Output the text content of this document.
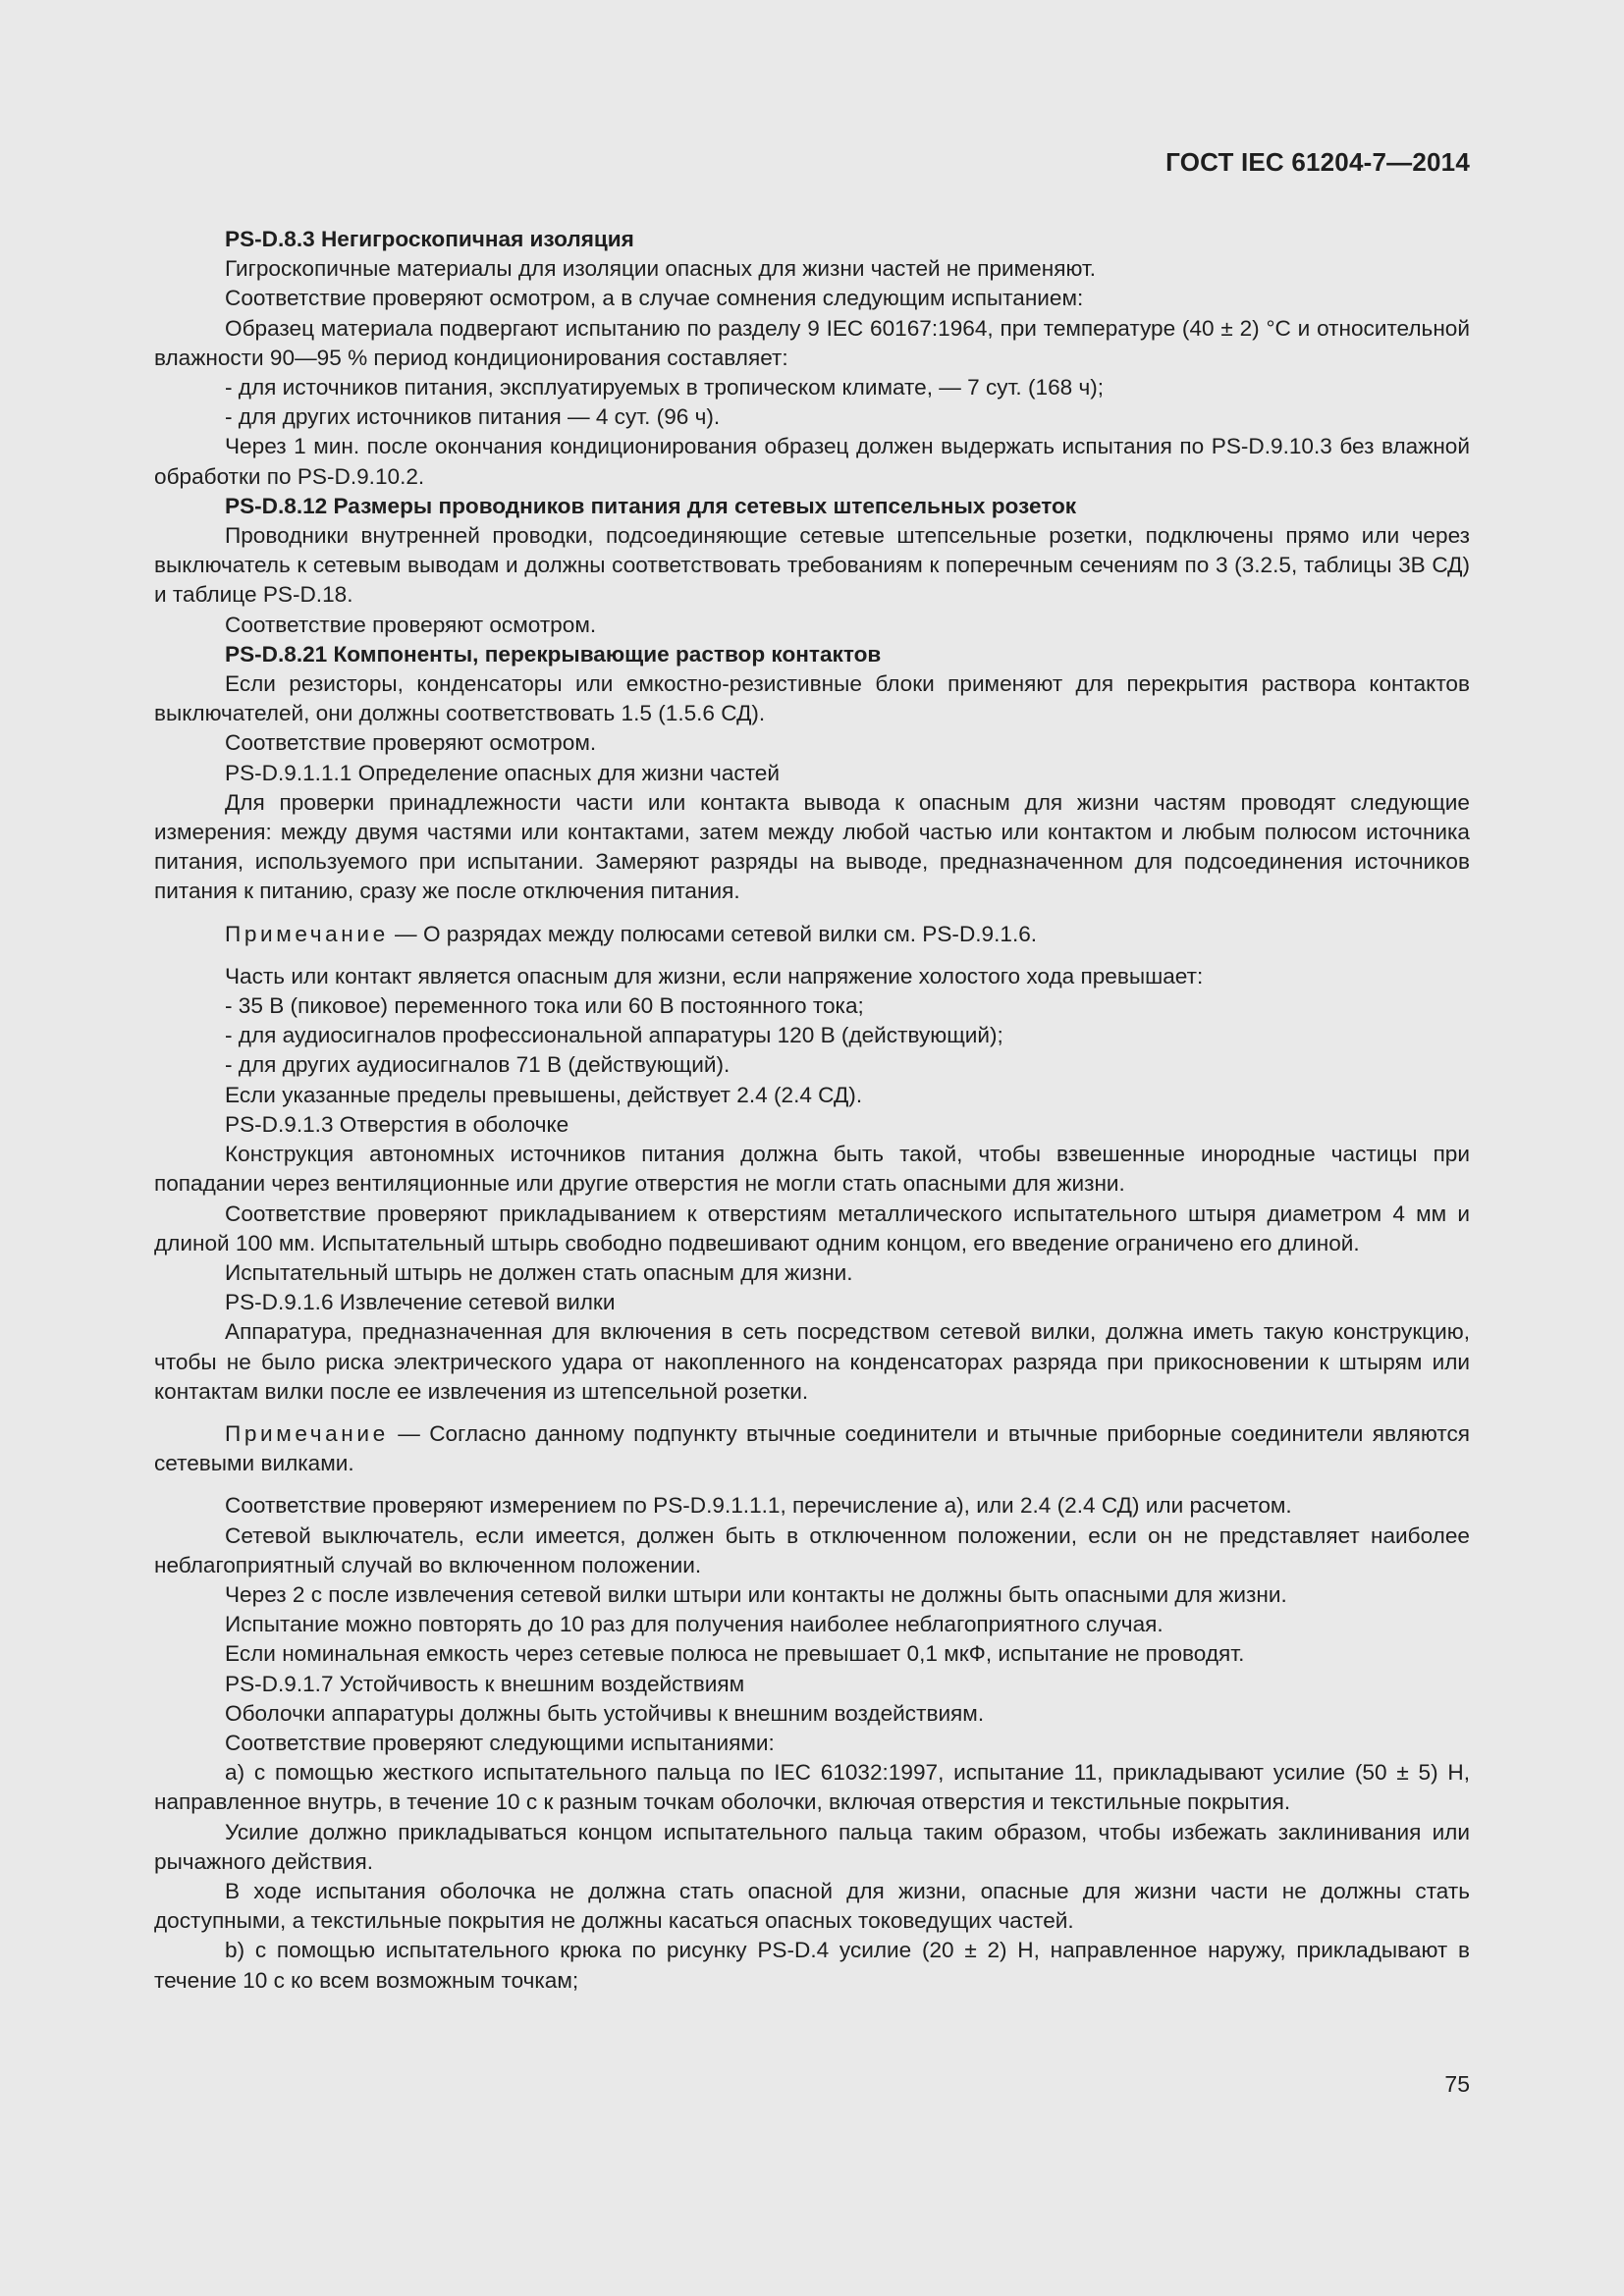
ГОСТ IEC 61204-7—2014
PS-D.8.3 Негигроскопичная изоляция
Гигроскопичные материалы для изоляции опасных для жизни частей не применяют.
Соответствие проверяют осмотром, а в случае сомнения следующим испытанием:
Образец материала подвергают испытанию по разделу 9 IEC 60167:1964, при температуре (40 ± 2) °С и относительной влажности 90—95 % период кондиционирования составляет:
- для источников питания, эксплуатируемых в тропическом климате, — 7 сут. (168 ч);
- для других источников питания — 4 сут. (96 ч).
Через 1 мин. после окончания кондиционирования образец должен выдержать испытания по PS-D.9.10.3 без влажной обработки по PS-D.9.10.2.
PS-D.8.12 Размеры проводников питания для сетевых штепсельных розеток
Проводники внутренней проводки, подсоединяющие сетевые штепсельные розетки, подключены прямо или через выключатель к сетевым выводам и должны соответствовать требованиям к поперечным сечениям по 3 (3.2.5, таблицы 3В СД) и таблице PS-D.18.
Соответствие проверяют осмотром.
PS-D.8.21 Компоненты, перекрывающие раствор контактов
Если резисторы, конденсаторы или емкостно-резистивные блоки применяют для перекрытия раствора контактов выключателей, они должны соответствовать 1.5 (1.5.6 СД).
Соответствие проверяют осмотром.
PS-D.9.1.1.1 Определение опасных для жизни частей
Для проверки принадлежности части или контакта вывода к опасным для жизни частям проводят следующие измерения: между двумя частями или контактами, затем между любой частью или контактом и любым полюсом источника питания, используемого при испытании. Замеряют разряды на выводе, предназначенном для подсоединения источников питания к питанию, сразу же после отключения питания.
Примечание — О разрядах между полюсами сетевой вилки см. PS-D.9.1.6.
Часть или контакт является опасным для жизни, если напряжение холостого хода превышает:
- 35 В (пиковое) переменного тока или 60 В постоянного тока;
- для аудиосигналов профессиональной аппаратуры 120 В (действующий);
- для других аудиосигналов 71 В (действующий).
Если указанные пределы превышены, действует 2.4 (2.4 СД).
PS-D.9.1.3 Отверстия в оболочке
Конструкция автономных источников питания должна быть такой, чтобы взвешенные инородные частицы при попадании через вентиляционные или другие отверстия не могли стать опасными для жизни.
Соответствие проверяют прикладыванием к отверстиям металлического испытательного штыря диаметром 4 мм и длиной 100 мм. Испытательный штырь свободно подвешивают одним концом, его введение ограничено его длиной.
Испытательный штырь не должен стать опасным для жизни.
PS-D.9.1.6 Извлечение сетевой вилки
Аппаратура, предназначенная для включения в сеть посредством сетевой вилки, должна иметь такую конструкцию, чтобы не было риска электрического удара от накопленного на конденсаторах разряда при прикосновении к штырям или контактам вилки после ее извлечения из штепсельной розетки.
Примечание — Согласно данному подпункту втычные соединители и втычные приборные соединители являются сетевыми вилками.
Соответствие проверяют измерением по PS-D.9.1.1.1, перечисление а), или 2.4 (2.4 СД) или расчетом.
Сетевой выключатель, если имеется, должен быть в отключенном положении, если он не представляет наиболее неблагоприятный случай во включенном положении.
Через 2 с после извлечения сетевой вилки штыри или контакты не должны быть опасными для жизни.
Испытание можно повторять до 10 раз для получения наиболее неблагоприятного случая.
Если номинальная емкость через сетевые полюса не превышает 0,1 мкФ, испытание не проводят.
PS-D.9.1.7 Устойчивость к внешним воздействиям
Оболочки аппаратуры должны быть устойчивы к внешним воздействиям.
Соответствие проверяют следующими испытаниями:
а) с помощью жесткого испытательного пальца по IEC 61032:1997, испытание 11, прикладывают усилие (50 ± 5) Н, направленное внутрь, в течение 10 с к разным точкам оболочки, включая отверстия и текстильные покрытия.
Усилие должно прикладываться концом испытательного пальца таким образом, чтобы избежать заклинивания или рычажного действия.
В ходе испытания оболочка не должна стать опасной для жизни, опасные для жизни части не должны стать доступными, а текстильные покрытия не должны касаться опасных токоведущих частей.
b) с помощью испытательного крюка по рисунку PS-D.4 усилие (20 ± 2) Н, направленное наружу, прикладывают в течение 10 с ко всем возможным точкам;
75
